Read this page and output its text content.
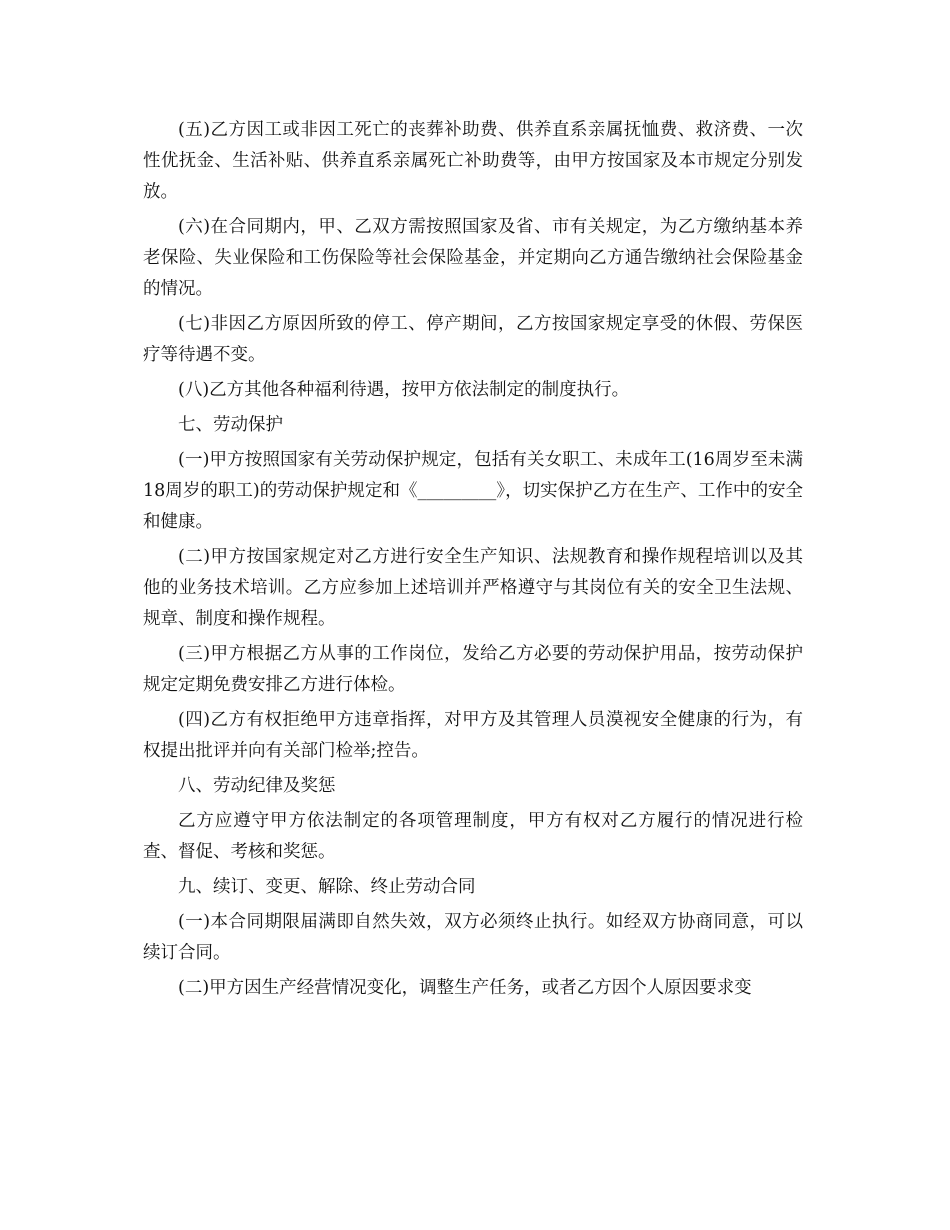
(五)乙方因工或非因工死亡的丧葬补助费、供养直系亲属抚恤费、救济费、一次性优抚金、生活补贴、供养直系亲属死亡补助费等，由甲方按国家及本市规定分别发放。

(六)在合同期内，甲、乙双方需按照国家及省、市有关规定，为乙方缴纳基本养老保险、失业保险和工伤保险等社会保险基金，并定期向乙方通告缴纳社会保险基金的情况。

(七)非因乙方原因所致的停工、停产期间，乙方按国家规定享受的休假、劳保医疗等待遇不变。

(八)乙方其他各种福利待遇，按甲方依法制定的制度执行。

七、劳动保护

(一)甲方按照国家有关劳动保护规定，包括有关女职工、未成年工(16周岁至未满18周岁的职工)的劳动保护规定和《_________》，切实保护乙方在生产、工作中的安全和健康。

(二)甲方按国家规定对乙方进行安全生产知识、法规教育和操作规程培训以及其他的业务技术培训。乙方应参加上述培训并严格遵守与其岗位有关的安全卫生法规、规章、制度和操作规程。

(三)甲方根据乙方从事的工作岗位，发给乙方必要的劳动保护用品，按劳动保护规定定期免费安排乙方进行体检。

(四)乙方有权拒绝甲方违章指挥，对甲方及其管理人员漠视安全健康的行为，有权提出批评并向有关部门检举;控告。

八、劳动纪律及奖惩

乙方应遵守甲方依法制定的各项管理制度，甲方有权对乙方履行的情况进行检查、督促、考核和奖惩。

九、续订、变更、解除、终止劳动合同

(一)本合同期限届满即自然失效，双方必须终止执行。如经双方协商同意，可以续订合同。

(二)甲方因生产经营情况变化，调整生产任务，或者乙方因个人原因要求变
